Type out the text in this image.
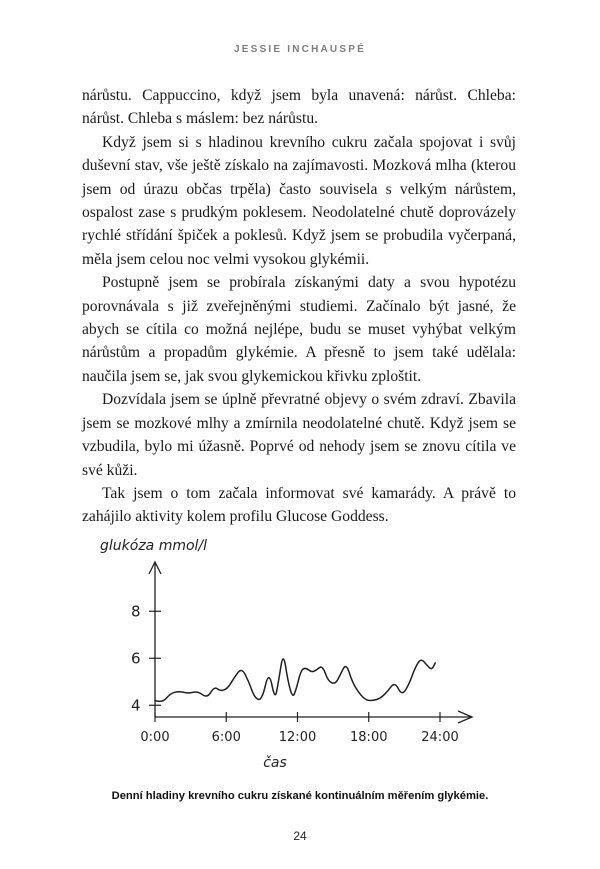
JESSIE INCHAUSPÉ

nárůstu. Cappuccino, když jsem byla unavená: nárůst. Chleba: nárůst. Chleba s máslem: bez nárůstu.

Když jsem si s hladinou krevního cukru začala spojovat i svůj duševní stav, vše ještě získalo na zajímavosti. Mozková mlha (kterou jsem od úrazu občas trpěla) často souvisela s velkým nárůstem, ospalost zase s prudkým poklesem. Neodolatelné chutě doprovázely rychlé střídání špiček a poklesů. Když jsem se probudila vyčerpaná, měla jsem celou noc velmi vysokou glykémii.

Postupně jsem se probírala získanými daty a svou hypotézu porovnávala s již zveřejněnými studiemi. Začínalo být jasné, že abych se cítila co možná nejlépe, budu se muset vyhýbat velkým nárůstům a propadům glykémie. A přesně to jsem také udělala: naučila jsem se, jak svou glykemickou křivku zploštit.

Dozvídala jsem se úplně převratné objevy o svém zdraví. Zbavila jsem se mozkové mlhy a zmírnila neodolatelné chutě. Když jsem se vzbudila, bylo mi úžasně. Poprvé od nehody jsem se znovu cítila ve své kůži.

Tak jsem o tom začala informovat své kamarády. A právě to zahájilo aktivity kolem profilu Glucose Goddess.

glukóza mmol/l
4
6
8
0:00	6:00	12:00	18:00	24:00
čas
Denní hladiny krevního cukru získané kontinuálním měřením glykémie.
24
